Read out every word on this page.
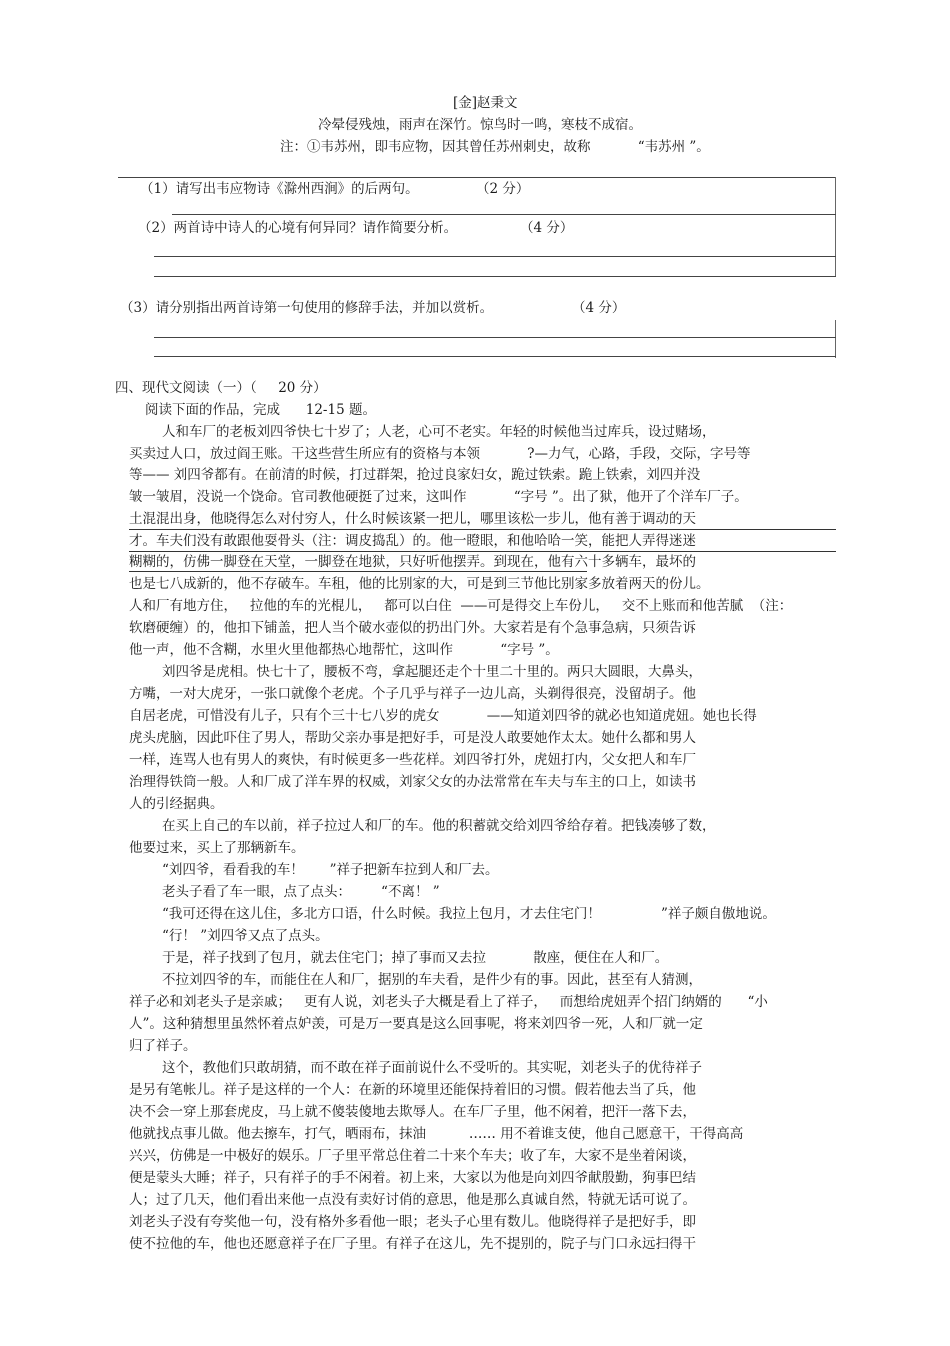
[金]赵秉文
冷晕侵残烛，雨声在深竹。惊鸟时一鸣，寒枝不成宿。
注：①韦苏州，即韦应物，因其曾任苏州刺史，故称           “韦苏州 ”。
（1）请写出韦应物诗《滁州西涧》的后两句。	（2 分）
（2）两首诗中诗人的心境有何异同？请作简要分析。	（4 分）
（3）请分别指出两首诗第一句使用的修辞手法，并加以赏析。	（4 分）
四、现代文阅读（一）（     20 分）
阅读下面的作品，完成      12-15 题。
人和车厂的老板刘四爷快七十岁了；人老，心可不老实。年轻的时候他当过库兵，设过赌场，
买卖过人口，放过阎王账。干这些营生所应有的资格与本领           ?—力气，心路，手段，交际，字号等
等—— 刘四爷都有。在前清的时候，打过群架，抢过良家妇女，跪过铁索。跪上铁索，刘四并没
皱一皱眉，没说一个饶命。官司教他硬挺了过来，这叫作           “字号 ”。出了狱，他开了个洋车厂子。
土混混出身，他晓得怎么对付穷人，什么时候该紧一把儿，哪里该松一步儿，他有善于调动的天
才。车夫们没有敢跟他耍骨头（注：调皮捣乱）的。他一瞪眼，和他哈哈一笑，能把人弄得迷迷
糊糊的，仿佛一脚登在天堂，一脚登在地狱，只好听他摆弄。到现在，他有六十多辆车，最坏的
也是七八成新的，他不存破车。车租，他的比别家的大，可是到三节他比别家多放着两天的份儿。
人和厂有地方住，   拉他的车的光棍儿，   都可以白住  ——可是得交上车份儿，   交不上账而和他苦腻  （注：
软磨硬缠）的，他扣下铺盖，把人当个破水壶似的扔出门外。大家若是有个急事急病，只须告诉
他一声，他不含糊，水里火里他都热心地帮忙，这叫作           “字号 ”。
刘四爷是虎相。快七十了，腰板不弯，拿起腿还走个十里二十里的。两只大圆眼，大鼻头，
方嘴，一对大虎牙，一张口就像个老虎。个子几乎与祥子一边儿高，头剃得很亮，没留胡子。他
自居老虎，可惜没有儿子，只有个三十七八岁的虎女           ——知道刘四爷的就必也知道虎妞。她也长得
虎头虎脑，因此吓住了男人，帮助父亲办事是把好手，可是没人敢要她作太太。她什么都和男人
一样，连骂人也有男人的爽快，有时候更多一些花样。刘四爷打外，虎妞打内，父女把人和车厂
治理得铁筒一般。人和厂成了洋车界的权威，刘家父女的办法常常在车夫与车主的口上，如读书
人的引经据典。
在买上自己的车以前，祥子拉过人和厂的车。他的积蓄就交给刘四爷给存着。把钱凑够了数，
他要过来，买上了那辆新车。
“刘四爷，看看我的车！      ”祥子把新车拉到人和厂去。
老头子看了车一眼，点了点头：       “不离！ ”
“我可还得在这儿住，多北方口语，什么时候。我拉上包月，才去住宅门！              ”祥子颇自傲地说。
“行！ ”刘四爷又点了点头。
于是，祥子找到了包月，就去住宅门；掉了事而又去拉           散座，便住在人和厂。
不拉刘四爷的车，而能住在人和厂，据别的车夫看，是件少有的事。因此，甚至有人猜测，
祥子必和刘老头子是亲戚；   更有人说，刘老头子大概是看上了祥子，   而想给虎妞弄个招门纳婿的      “小
人”。这种猜想里虽然怀着点妒羡，可是万一要真是这么回事呢，将来刘四爷一死，人和厂就一定
归了祥子。
这个，教他们只敢胡猜，而不敢在祥子面前说什么不受听的。其实呢，刘老头子的优待祥子
是另有笔帐儿。祥子是这样的一个人：在新的环境里还能保持着旧的习惯。假若他去当了兵，他
决不会一穿上那套虎皮，马上就不傻装傻地去欺辱人。在车厂子里，他不闲着，把汗一落下去，
他就找点事儿做。他去擦车，打气，晒雨布，抹油          …… 用不着谁支使，他自己愿意干，干得高高
兴兴，仿佛是一中极好的娱乐。厂子里平常总住着二十来个车夫；收了车，大家不是坐着闲谈，
便是蒙头大睡；祥子，只有祥子的手不闲着。初上来，大家以为他是向刘四爷献殷勤，狗事巴结
人；过了几天，他们看出来他一点没有卖好讨俏的意思，他是那么真诚自然，特就无话可说了。
刘老头子没有夸奖他一句，没有格外多看他一眼；老头子心里有数儿。他晓得祥子是把好手，即
使不拉他的车，他也还愿意祥子在厂子里。有祥子在这儿，先不提别的，院子与门口永远扫得干
